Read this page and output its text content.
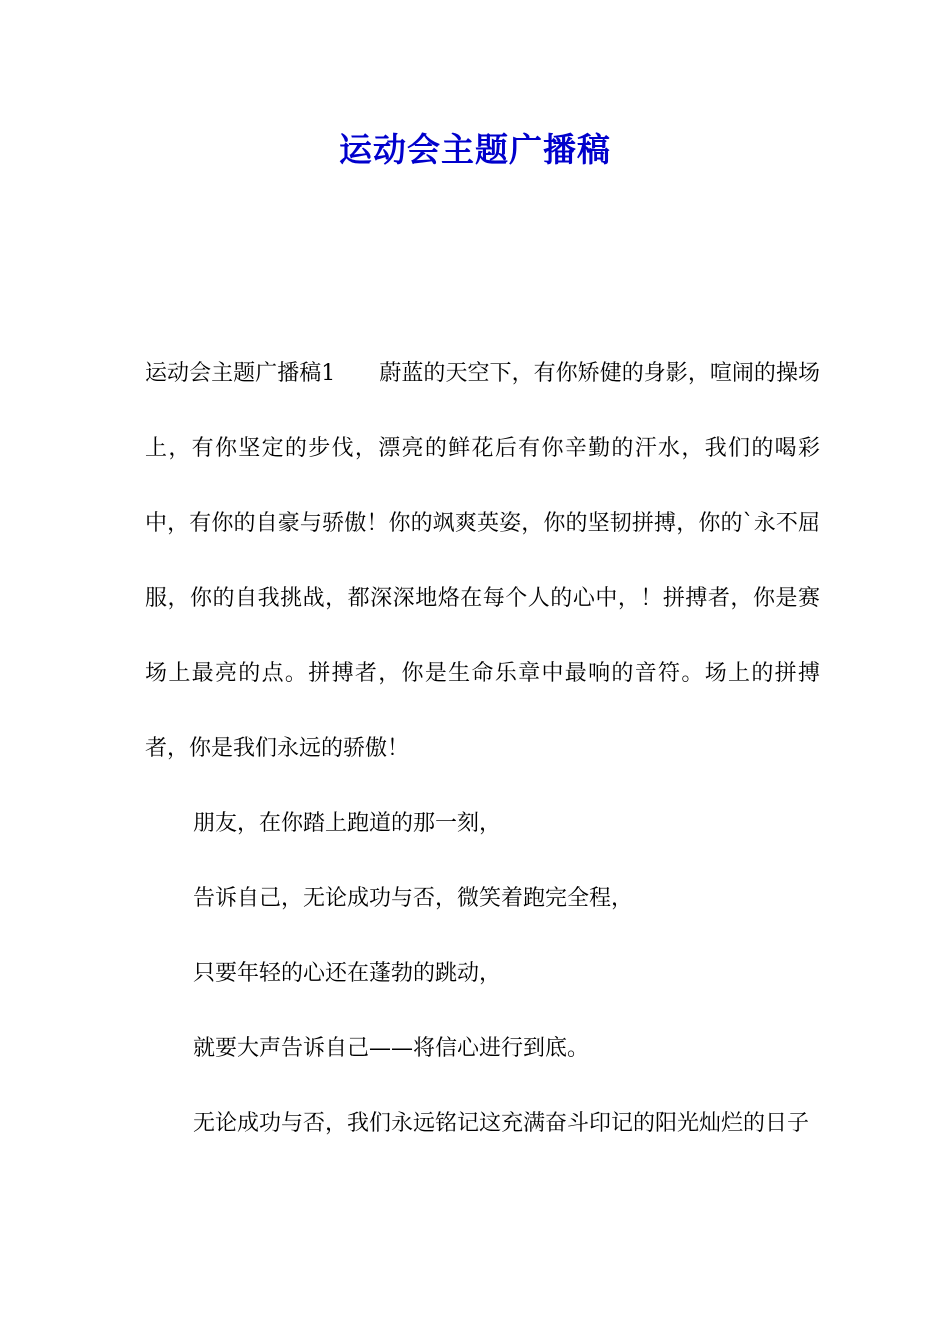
运动会主题广播稿

运动会主题广播稿1　　蔚蓝的天空下，有你矫健的身影，喧闹的操场上，有你坚定的步伐，漂亮的鲜花后有你辛勤的汗水，我们的喝彩中，有你的自豪与骄傲！你的飒爽英姿，你的坚韧拼搏，你的`永不屈服，你的自我挑战，都深深地烙在每个人的心中，！拼搏者，你是赛场上最亮的点。拼搏者，你是生命乐章中最响的音符。场上的拼搏者，你是我们永远的骄傲！

朋友，在你踏上跑道的那一刻，

告诉自己，无论成功与否，微笑着跑完全程，

只要年轻的心还在蓬勃的跳动，

就要大声告诉自己——将信心进行到底。

无论成功与否，我们永远铭记这充满奋斗印记的阳光灿烂的日子
